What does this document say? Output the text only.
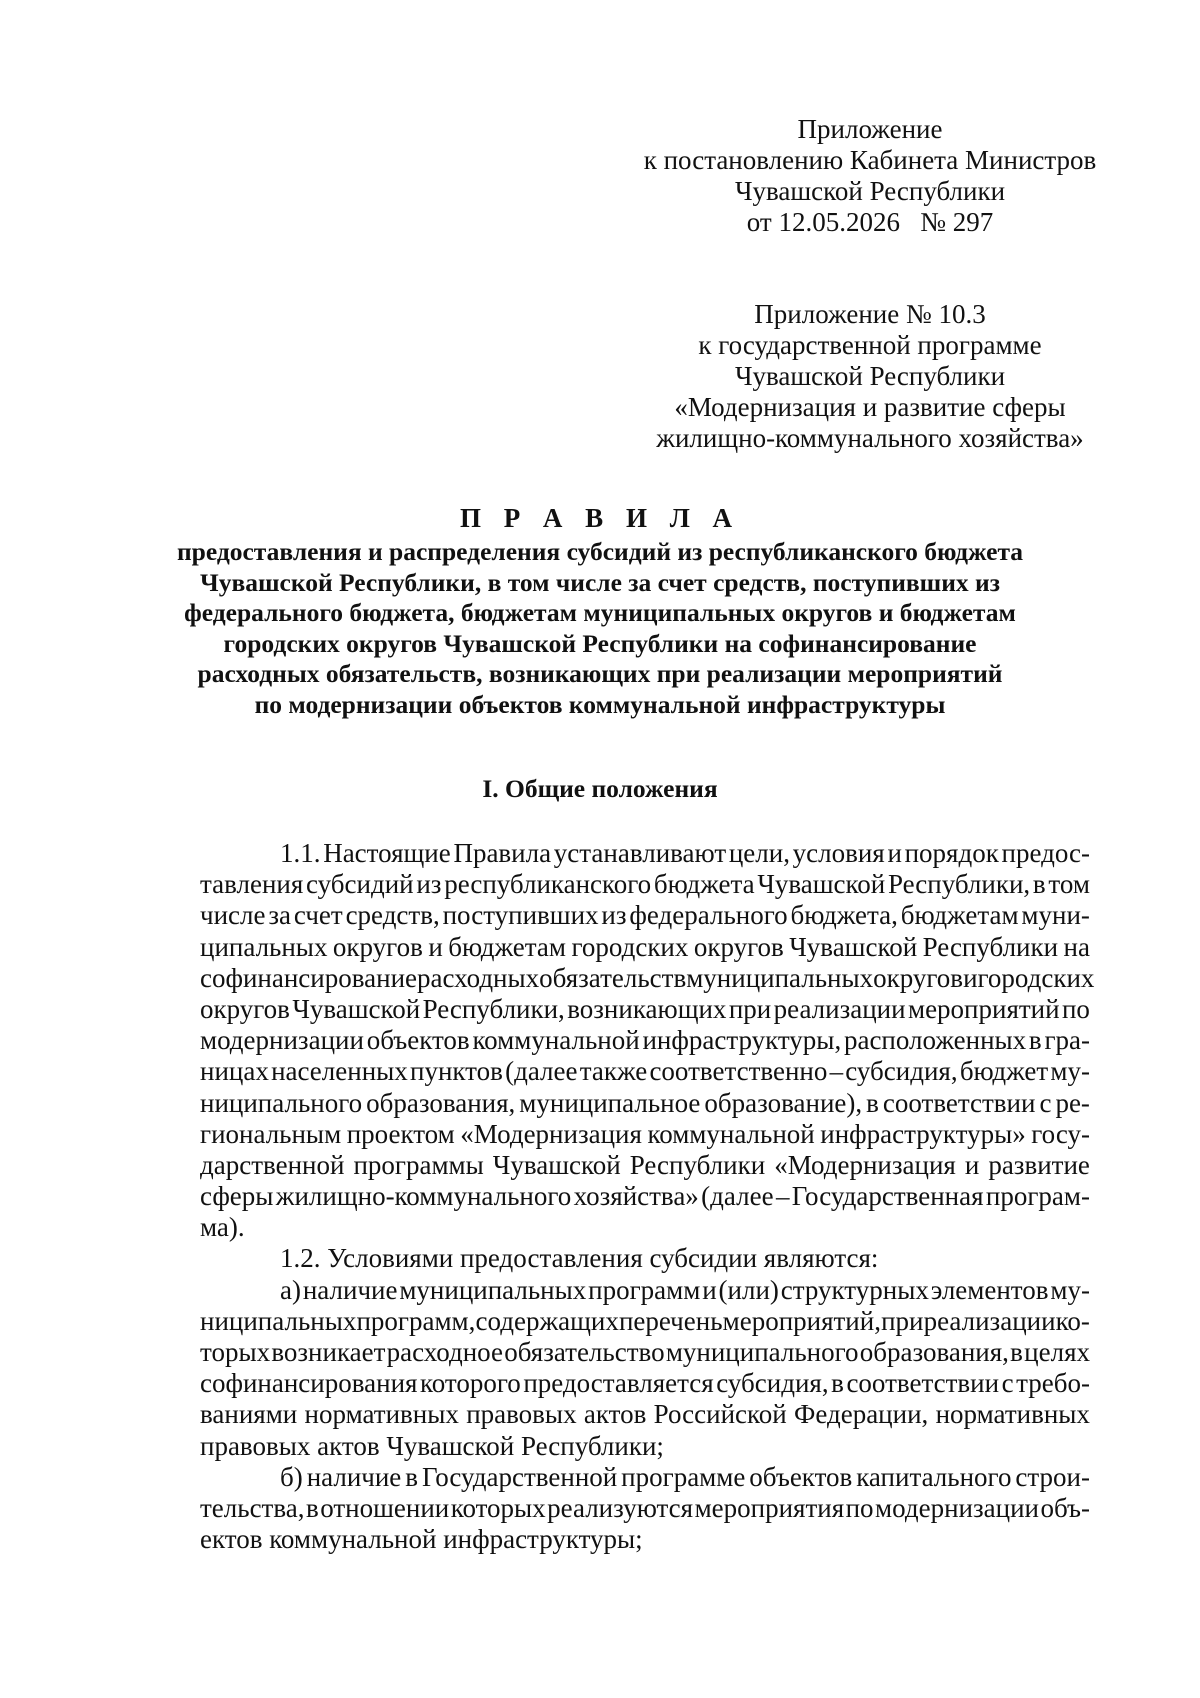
Приложение
к постановлению Кабинета Министров
Чувашской Республики
от 12.05.2026   № 297
Приложение № 10.3
к государственной программе
Чувашской Республики
«Модернизация и развитие сферы
жилищно-коммунального хозяйства»
П Р А В И Л А
предоставления и распределения субсидий из республиканского бюджета
Чувашской Республики, в том числе за счет средств, поступивших из
федерального бюджета, бюджетам муниципальных округов и бюджетам
городских округов Чувашской Республики на софинансирование
расходных обязательств, возникающих при реализации мероприятий
по модернизации объектов коммунальной инфраструктуры
I. Общие положения
1.1. Настоящие Правила устанавливают цели, условия и порядок предос-
тавления субсидий из республиканского бюджета Чувашской Республики, в том
числе за счет средств, поступивших из федерального бюджета, бюджетам муни-
ципальных округов и бюджетам городских округов Чувашской Республики на
софинансирование расходных обязательств муниципальных округов и городских
округов Чувашской Республики, возникающих при реализации мероприятий по
модернизации объектов коммунальной инфраструктуры, расположенных в гра-
ницах населенных пунктов (далее также соответственно – субсидия, бюджет му-
ниципального образования, муниципальное образование), в соответствии с ре-
гиональным проектом «Модернизация коммунальной инфраструктуры» госу-
дарственной программы Чувашской Республики «Модернизация и развитие
сферы жилищно-коммунального хозяйства» (далее – Государственная програм-
ма).
1.2. Условиями предоставления субсидии являются:
а) наличие муниципальных программ и (или) структурных элементов му-
ниципальных программ, содержащих перечень мероприятий, при реализации ко-
торых возникает расходное обязательство муниципального образования, в целях
софинансирования которого предоставляется субсидия, в соответствии с требо-
ваниями нормативных правовых актов Российской Федерации, нормативных
правовых актов Чувашской Республики;
б) наличие в Государственной программе объектов капитального строи-
тельства, в отношении которых реализуются мероприятия по модернизации объ-
ектов коммунальной инфраструктуры;
